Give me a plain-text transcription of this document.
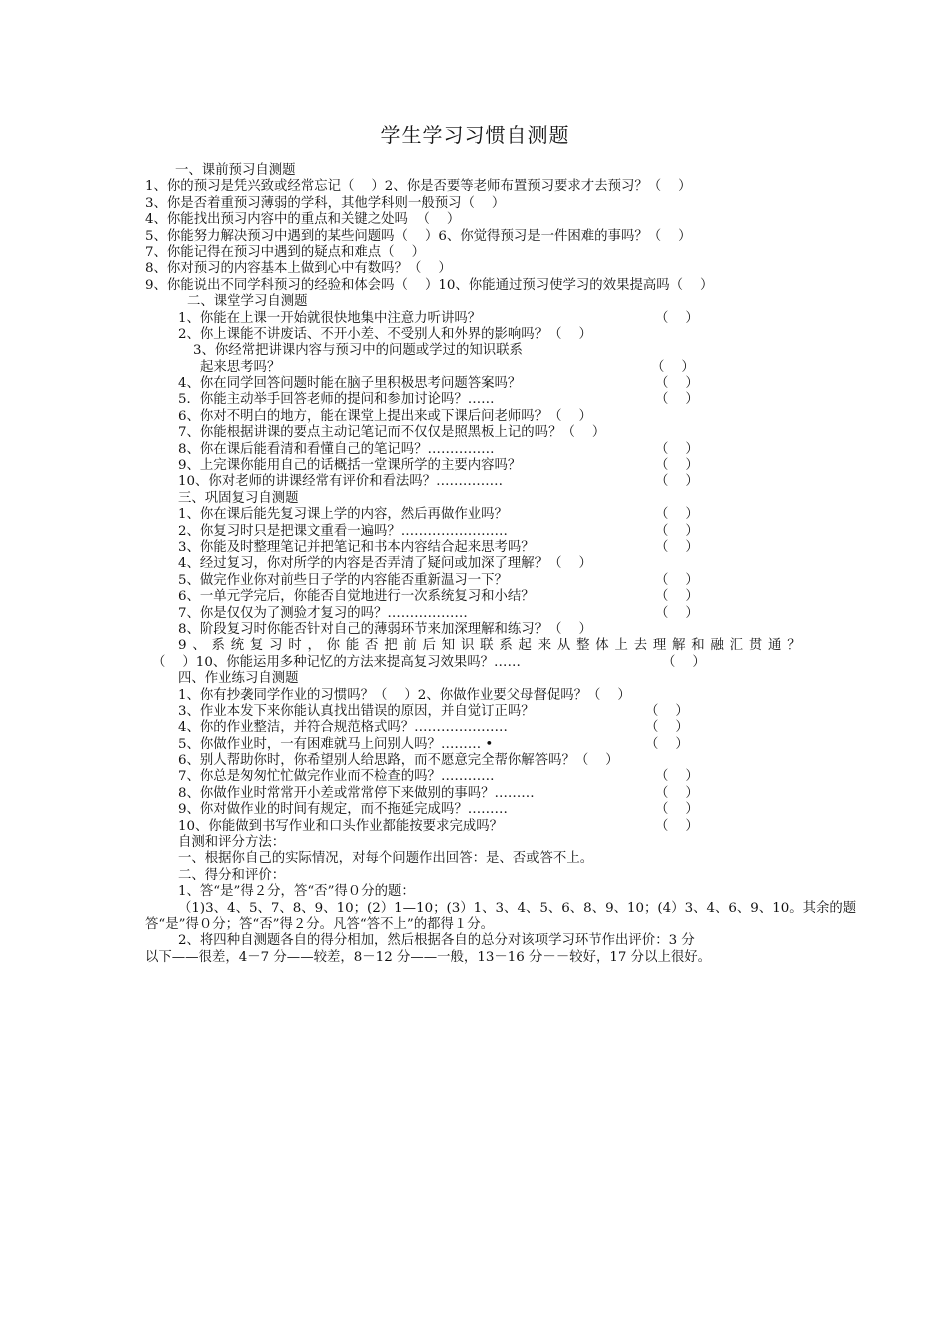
学生学习习惯自测题
一、课前预习自测题
1、你的预习是凭兴致或经常忘记（    ）2、你是否要等老师布置预习要求才去预习？（    ）
3、你是否着重预习薄弱的学科，其他学科则一般预习（    ）
4、你能找出预习内容中的重点和关键之处吗  （    ）
5、你能努力解决预习中遇到的某些问题吗（    ）6、你觉得预习是一件困难的事吗？（    ）
7、你能记得在预习中遇到的疑点和难点（    ）
8、你对预习的内容基本上做到心中有数吗？（    ）
9、你能说出不同学科预习的经验和体会吗（    ）10、你能通过预习使学习的效果提高吗（    ）
二、课堂学习自测题
1、你能在上课一开始就很快地集中注意力听讲吗？	（    ）
2、你上课能不讲废话、不开小差、不受别人和外界的影响吗？（    ）
3、你经常把讲课内容与预习中的问题或学过的知识联系
起来思考吗？	（    ）
4、你在同学回答问题时能在脑子里积极思考问题答案吗？	（    ）
5．你能主动举手回答老师的提问和参加讨论吗？……	（    ）
6、你对不明白的地方，能在课堂上提出来或下课后问老师吗？（    ）
7、你能根据讲课的要点主动记笔记而不仅仅是照黑板上记的吗？（    ）
8、你在课后能看清和看懂自己的笔记吗？……………	（    ）
9、上完课你能用自己的话概括一堂课所学的主要内容吗？	（    ）
10、你对老师的讲课经常有评价和看法吗？……………	（    ）
三、巩固复习自测题
1、你在课后能先复习课上学的内容，然后再做作业吗？	（    ）
2、你复习时只是把课文重看一遍吗？……………………	（    ）
3、你能及时整理笔记并把笔记和书本内容结合起来思考吗？	（    ）
4、经过复习，你对所学的内容是否弄清了疑问或加深了理解？（    ）
5、做完作业你对前些日子学的内容能否重新温习一下？	（    ）
6、一单元学完后，你能否自觉地进行一次系统复习和小结？	（    ）
7、你是仅仅为了测验才复习的吗？………………	（    ）
8、阶段复习时你能否针对自己的薄弱环节来加深理解和练习？（    ）
9、系统复习时，你能否把前后知识联系起来从整体上去理解和融汇贯通？
（    ）10、你能运用多种记忆的方法来提高复习效果吗？……	（    ）
四、作业练习自测题
1、你有抄袭同学作业的习惯吗？（    ）2、你做作业要父母督促吗？（    ）
3、作业本发下来你能认真找出错误的原因，并自觉订正吗？	（    ）
4、你的作业整洁，并符合规范格式吗？…………………	（    ）
5、你做作业时，一有困难就马上问别人吗？……… •	（    ）
6、别人帮助你时，你希望别人给思路，而不愿意完全帮你解答吗？（    ）
7、你总是匆匆忙忙做完作业而不检查的吗？…………	（    ）
8、你做作业时常常开小差或常常停下来做别的事吗？………	（    ）
9、你对做作业的时间有规定，而不拖延完成吗？………	（    ）
10、你能做到书写作业和口头作业都能按要求完成吗？	（    ）
自测和评分方法：
一、根据你自己的实际情况，对每个问题作出回答：是、否或答不上。
二、得分和评价：
1、答“是”得２分，答“否”得０分的题：
（1)3、4、5、7、8、9、10；(2）1—10；(3）1、3、4、5、6、8、9、10；(4）3、4、6、9、10。其余的题
答“是”得０分；答“否”得２分。凡答“答不上”的都得１分。
2、将四种自测题各自的得分相加，然后根据各自的总分对该项学习环节作出评价：3 分
以下——很差，4－7 分——较差，8－12 分——一般，13－16 分－－较好，17 分以上很好。
